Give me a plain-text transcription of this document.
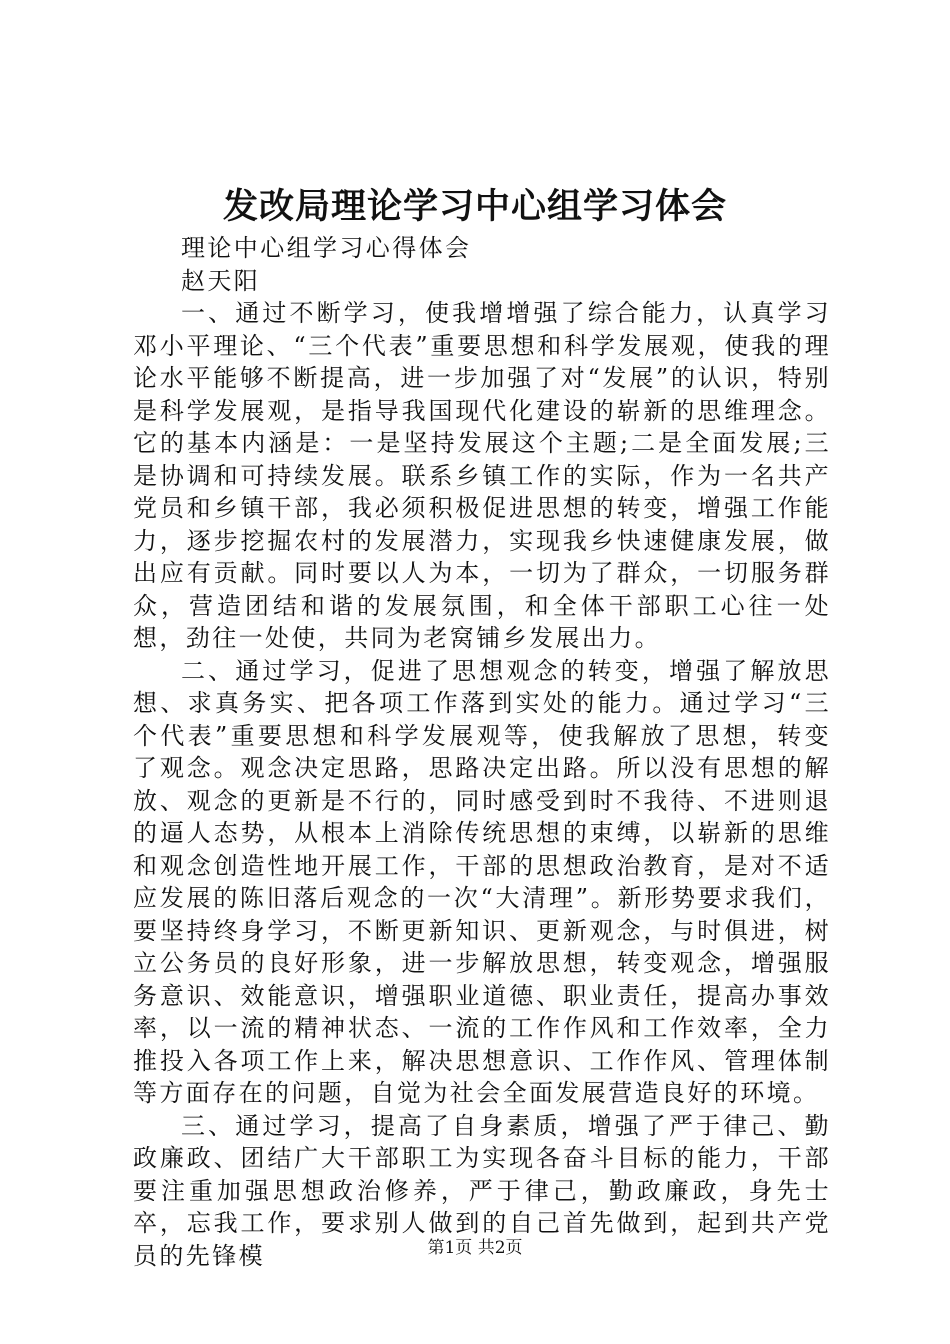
发改局理论学习中心组学习体会
理论中心组学习心得体会
赵天阳

一、通过不断学习，使我增增强了综合能力，认真学习邓小平理论、“三个代表”重要思想和科学发展观，使我的理论水平能够不断提高，进一步加强了对“发展”的认识，特别是科学发展观，是指导我国现代化建设的崭新的思维理念。它的基本内涵是：一是坚持发展这个主题;二是全面发展;三是协调和可持续发展。联系乡镇工作的实际，作为一名共产党员和乡镇干部，我必须积极促进思想的转变，增强工作能力，逐步挖掘农村的发展潜力，实现我乡快速健康发展，做出应有贡献。同时要以人为本，一切为了群众，一切服务群众，营造团结和谐的发展氛围，和全体干部职工心往一处想，劲往一处使，共同为老窝铺乡发展出力。

二、通过学习，促进了思想观念的转变，增强了解放思想、求真务实、把各项工作落到实处的能力。通过学习“三个代表”重要思想和科学发展观等，使我解放了思想，转变了观念。观念决定思路，思路决定出路。所以没有思想的解放、观念的更新是不行的，同时感受到时不我待、不进则退的逼人态势，从根本上消除传统思想的束缚，以崭新的思维和观念创造性地开展工作，干部的思想政治教育，是对不适应发展的陈旧落后观念的一次“大清理”。新形势要求我们，要坚持终身学习，不断更新知识、更新观念，与时俱进，树立公务员的良好形象，进一步解放思想，转变观念，增强服务意识、效能意识，增强职业道德、职业责任，提高办事效率，以一流的精神状态、一流的工作作风和工作效率，全力推投入各项工作上来，解决思想意识、工作作风、管理体制等方面存在的问题，自觉为社会全面发展营造良好的环境。

三、通过学习，提高了自身素质，增强了严于律己、勤政廉政、团结广大干部职工为实现各奋斗目标的能力，干部要注重加强思想政治修养，严于律己，勤政廉政，身先士卒，忘我工作，要求别人做到的自己首先做到，起到共产党员的先锋模	第1页 共2页
